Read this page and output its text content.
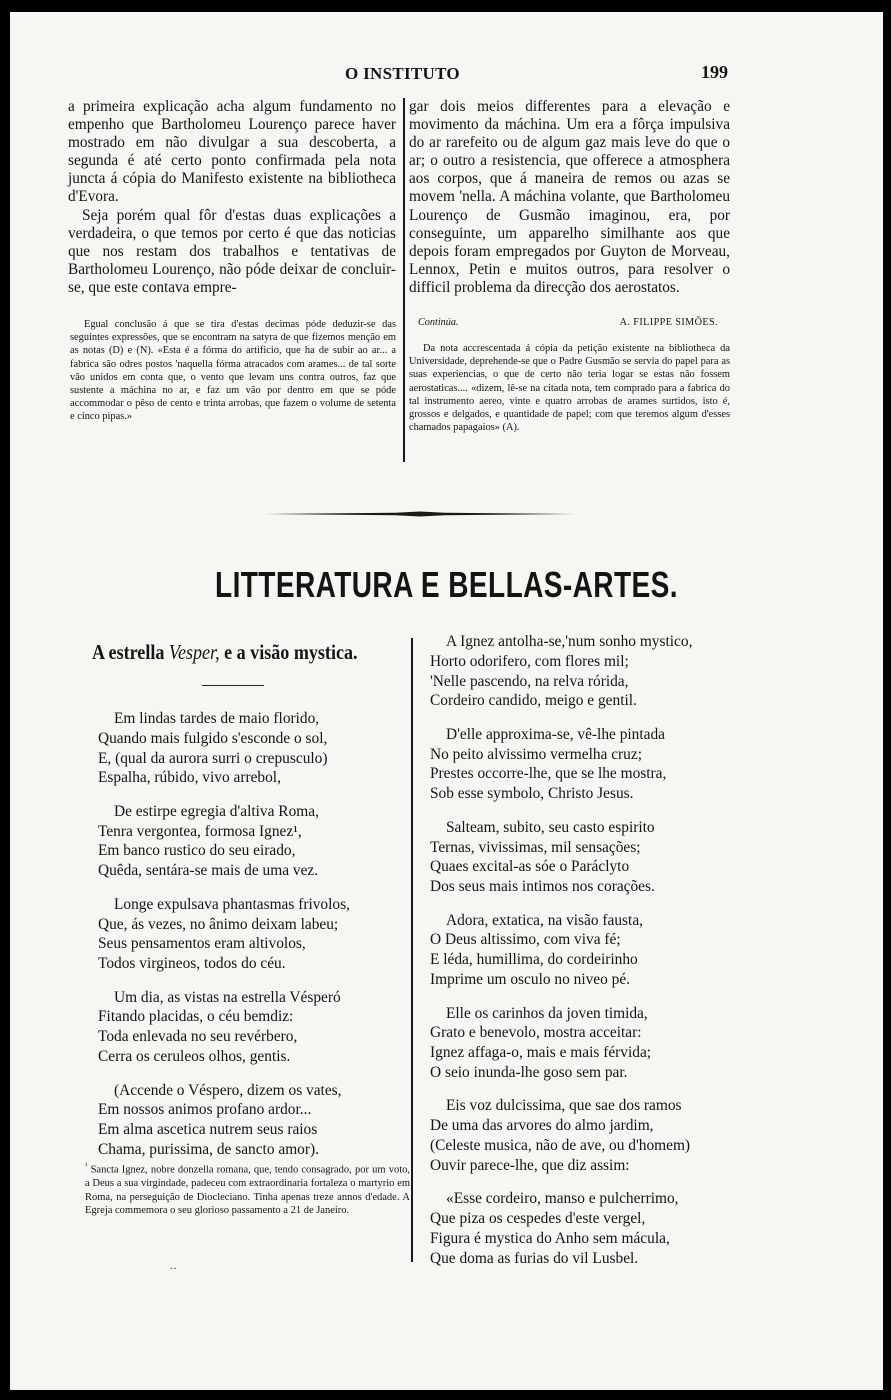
O INSTITUTO	199

a primeira explicação acha algum fundamento no empenho que Bartholomeu Lourenço parece haver mostrado em não divulgar a sua descoberta, a segunda é até certo ponto confirmada pela nota juncta á cópia do Manifesto existente na bibliotheca d'Evora.

Seja porém qual fôr d'estas duas explicações a verdadeira, o que temos por certo é que das noticias que nos restam dos trabalhos e tentativas de Bartholomeu Lourenço, não póde deixar de concluir-se, que este contava empre-

Egual conclusão á que se tira d'estas decimas póde deduzir-se das seguintes expressões, que se encontram na satyra de que fizemos menção em as notas (D) e (N). «Esta é a fórma do artificio, que ha de subir ao ar... a fabrica são odres postos 'naquella fórma atracados com arames... de tal sorte vão unidos em conta que, o vento que levam uns contra outros, faz que sustente a máchina no ar, e faz um vão por dentro em que se póde accommodar o pêso de cento e trinta arrobas, que fazem o volume de setenta e cinco pipas.»

gar dois meios differentes para a elevação e movimento da máchina. Um era a fôrça impulsiva do ar rarefeito ou de algum gaz mais leve do que o ar; o outro a resistencia, que offerece a atmosphera aos corpos, que á maneira de remos ou azas se movem 'nella. A máchina volante, que Bartholomeu Lourenço de Gusmão imaginou, era, por conseguinte, um apparelho similhante aos que depois foram empregados por Guyton de Morveau, Lennox, Petin e muitos outros, para resolver o difficil problema da direcção dos aerostatos.

Continúa.	A. FILIPPE SIMÕES.

Da nota accrescentada á cópia da petição existente na bibliotheca da Universidade, deprehende-se que o Padre Gusmão se servia do papel para as suas experiencias, o que de certo não teria logar se estas não fossem aerostaticas.... «dizem, lê-se na citada nota, tem comprado para a fabrica do tal instrumento aereo, vinte e quatro arrobas de arames surtidos, isto é, grossos e delgados, e quantidade de papel; com que teremos algum d'esses chamados papagaios» (A).

LITTERATURA E BELLAS-ARTES.
A estrella Vesper, e a visão mystica.
Em lindas tardes de maio florido,
Quando mais fulgido s'esconde o sol,
E, (qual da aurora surri o crepusculo)
Espalha, rúbido, vivo arrebol,
De estirpe egregia d'altiva Roma,
Tenra vergontea, formosa Ignez¹,
Em banco rustico do seu eirado,
Quêda, sentára-se mais de uma vez.
Longe expulsava phantasmas frivolos,
Que, ás vezes, no ânimo deixam labeu;
Seus pensamentos eram altivolos,
Todos virgineos, todos do céu.
Um dia, as vistas na estrella Vésperó
Fitando placidas, o céu bemdiz:
Toda enlevada no seu revérbero,
Cerra os ceruleos olhos, gentis.
(Accende o Véspero, dizem os vates,
Em nossos animos profano ardor...
Em alma ascetica nutrem seus raios
Chama, purissima, de sancto amor).
A Ignez antolha-se,'num sonho mystico,
Horto odorifero, com flores mil;
'Nelle pascendo, na relva rórida,
Cordeiro candido, meigo e gentil.
D'elle approxima-se, vê-lhe pintada
No peito alvissimo vermelha cruz;
Prestes occorre-lhe, que se lhe mostra,
Sob esse symbolo, Christo Jesus.
Salteam, subito, seu casto espirito
Ternas, vivissimas, mil sensações;
Quaes excital-as sóe o Paráclyto
Dos seus mais intimos nos corações.
Adora, extatica, na visão fausta,
O Deus altissimo, com viva fé;
E léda, humillima, do cordeirinho
Imprime um osculo no niveo pé.
Elle os carinhos da joven timida,
Grato e benevolo, mostra acceitar:
Ignez affaga-o, mais e mais férvida;
O seio inunda-lhe goso sem par.
Eis voz dulcissima, que sae dos ramos
De uma das arvores do almo jardim,
(Celeste musica, não de ave, ou d'homem)
Ouvir parece-lhe, que diz assim:
«Esse cordeiro, manso e pulcherrimo,
Que piza os cespedes d'este vergel,
Figura é mystica do Anho sem mácula,
Que doma as furias do vil Lusbel.
$^{^1}$ Sancta Ignez, nobre donzella romana, que, tendo consagrado, por um voto, a Deus a sua virgindade, padeceu com extraordinaria fortaleza o martyrio em Roma, na perseguição de Diocleciano. Tinha apenas treze annos d'edade. A Egreja commemora o seu glorioso passamento a 21 de Janeiro.
··
